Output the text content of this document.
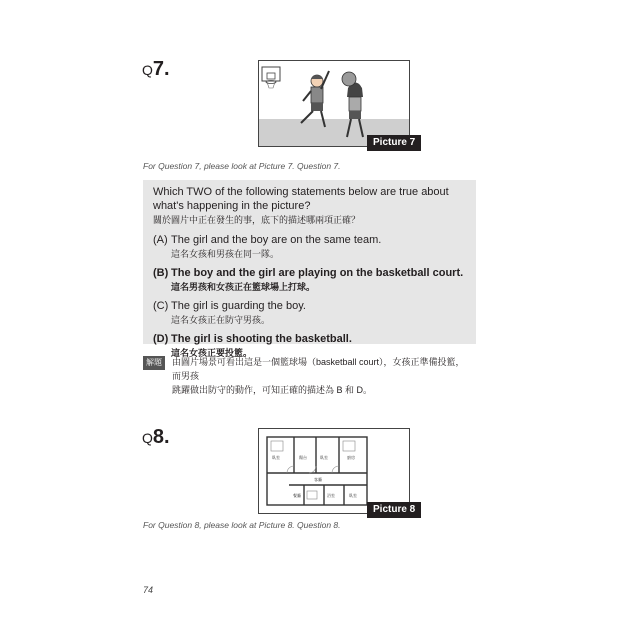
Q7.
Picture 7
For Question 7, please look at Picture 7. Question 7.
Which TWO of the following statements below are true about what's happening in the picture?
關於圖片中正在發生的事，底下的描述哪兩項正確？
(A) The girl and the boy are on the same team.
這名女孩和男孩在同一隊。
(B) The boy and the girl are playing on the basketball court.
這名男孩和女孩正在籃球場上打球。
(C) The girl is guarding the boy.
這名女孩正在防守男孩。
(D) The girl is shooting the basketball.
這名女孩正要投籃。
解題	由圖片場景可看出這是一個籃球場（basketball court），女孩正準備投籃，而男孩
跳躍做出防守的動作，可知正確的描述為 B 和 D。
Q8.
臥室	陽台	臥室	廚房
客廳
餐廳	浴室	臥室
Picture 8
For Question 8, please look at Picture 8. Question 8.
74
